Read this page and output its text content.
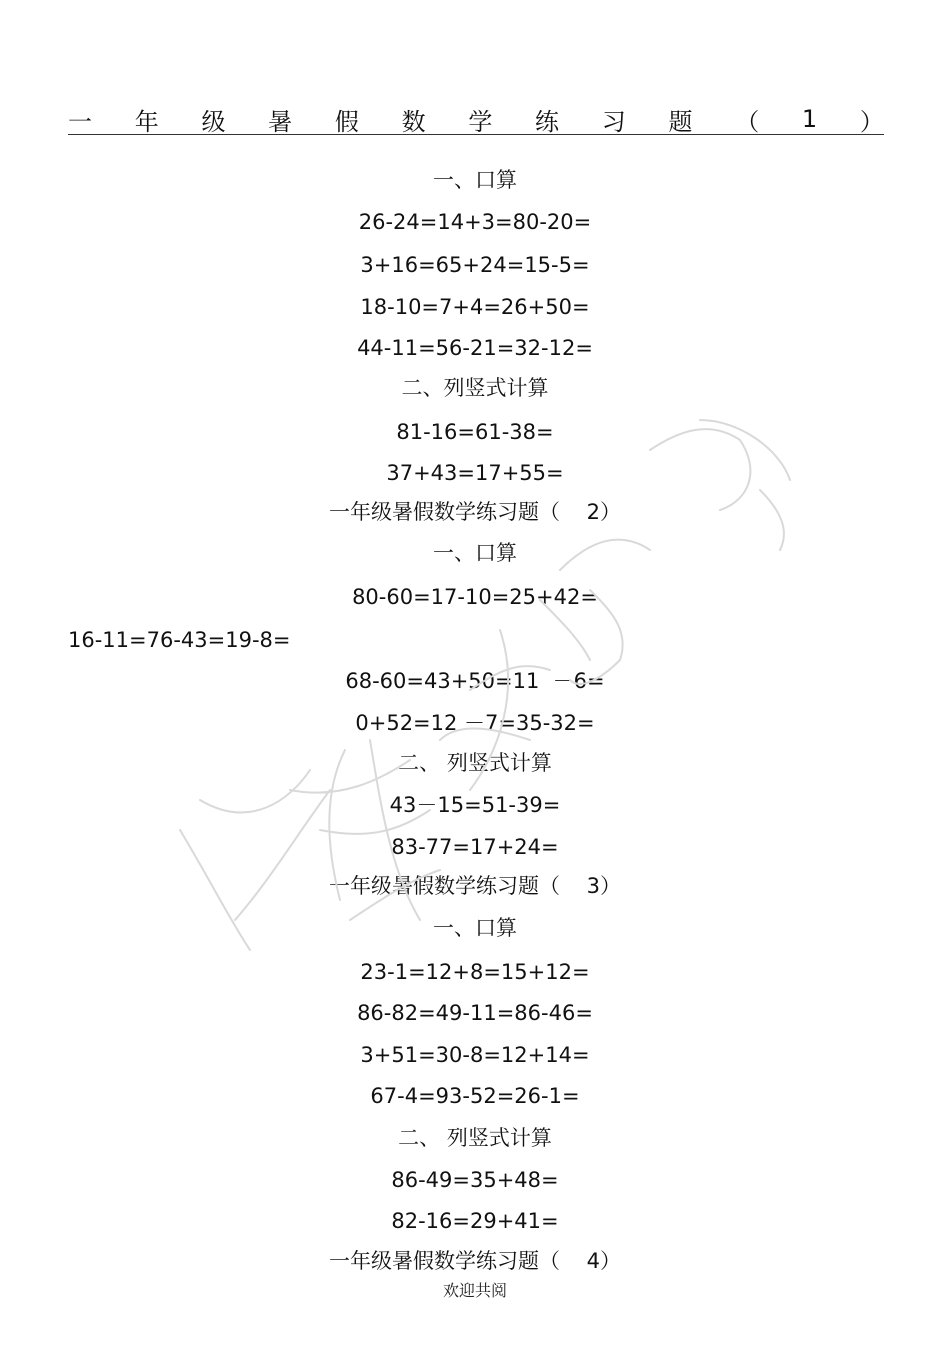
一 年 级 暑 假 数 学 练 习 题 （ 1 ）
一、口算
26-24=14+3=80-20=
3+16=65+24=15-5=
18-10=7+4=26+50=
44-11=56-21=32-12=
二、列竖式计算
81-16=61-38=
37+43=17+55=
一年级暑假数学练习题（    2）
一、口算
80-60=17-10=25+42=
16-11=76-43=19-8=
68-60=43+50=11  －6=
0+52=12 －7=35-32=
二、 列竖式计算
43－15=51-39=
83-77=17+24=
一年级暑假数学练习题（    3）
一、口算
23-1=12+8=15+12=
86-82=49-11=86-46=
3+51=30-8=12+14=
67-4=93-52=26-1=
二、 列竖式计算
86-49=35+48=
82-16=29+41=
一年级暑假数学练习题（    4）
欢迎共阅
